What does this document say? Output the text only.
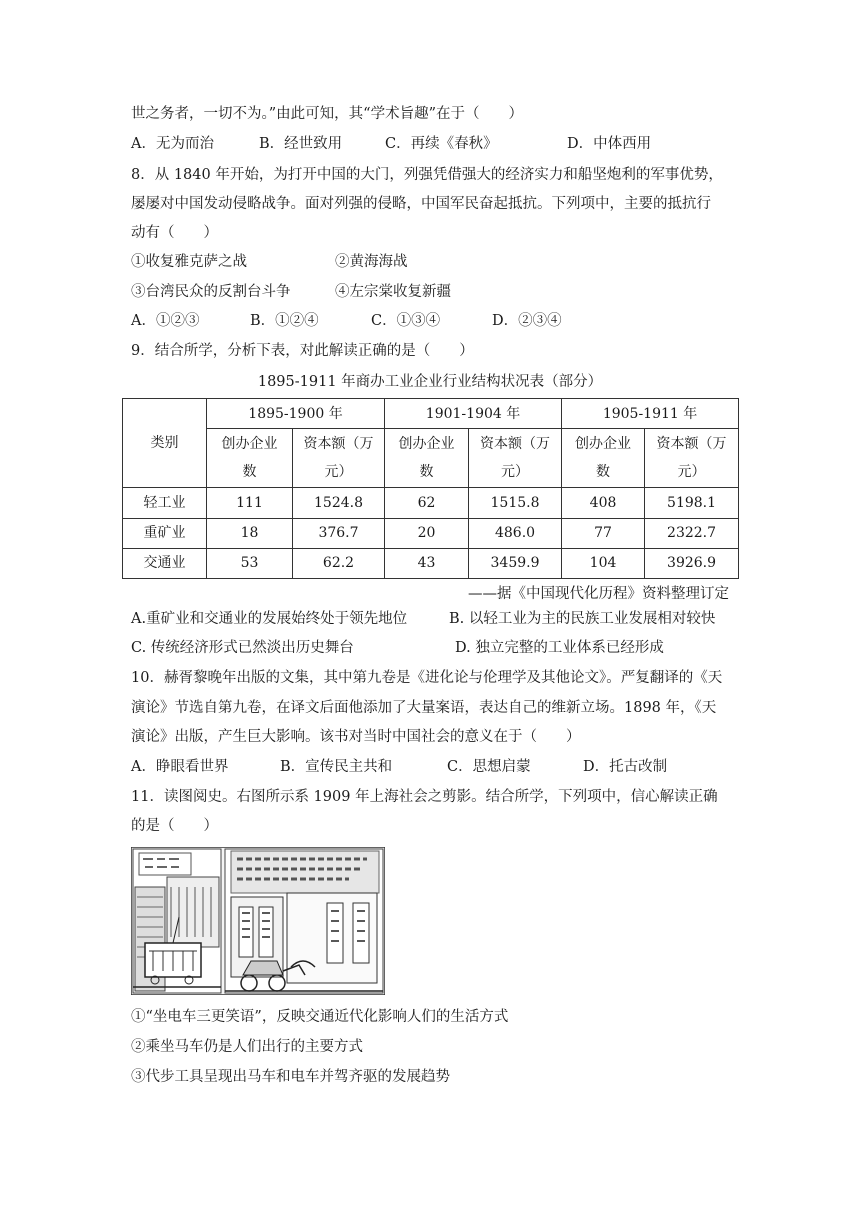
世之务者，一切不为。”由此可知，其“学术旨趣”在于（　　）
A．无为而治	B．经世致用	C．再续《春秋》	D．中体西用
8．从 1840 年开始，为打开中国的大门，列强凭借强大的经济实力和船坚炮利的军事优势，
屡屡对中国发动侵略战争。面对列强的侵略，中国军民奋起抵抗。下列项中，主要的抵抗行
动有（　　）
①收复雅克萨之战	②黄海海战
③台湾民众的反割台斗争	④左宗棠收复新疆
A．①②③	B．①②④	C．①③④	D．②③④
9．结合所学，分析下表，对此解读正确的是（　　）
1895-1911 年商办工业企业行业结构状况表（部分）
类别	1895-1900 年		1901-1904 年		1905-1911 年	
	创办企业
数	资本额（万
元）	创办企业
数	资本额（万
元）	创办企业
数	资本额（万
元）
轻工业	111	1524.8	62	1515.8	408	5198.1
重矿业	18	376.7	20	486.0	77	2322.7
交通业	53	62.2	43	3459.9	104	3926.9
——据《中国现代化历程》资料整理订定
A.重矿业和交通业的发展始终处于领先地位	B. 以轻工业为主的民族工业发展相对较快
C. 传统经济形式已然淡出历史舞台	D. 独立完整的工业体系已经形成
10．赫胥黎晚年出版的文集，其中第九卷是《进化论与伦理学及其他论文》。严复翻译的《天
演论》节选自第九卷，在译文后面他添加了大量案语，表达自己的维新立场。1898 年，《天
演论》出版，产生巨大影响。该书对当时中国社会的意义在于（　　）
A．睁眼看世界	B．宣传民主共和	C．思想启蒙	D．托古改制
11．读图阅史。右图所示系 1909 年上海社会之剪影。结合所学，下列项中，信心解读正确
的是（　　）
①“坐电车三更笑语”，反映交通近代化影响人们的生活方式
②乘坐马车仍是人们出行的主要方式
③代步工具呈现出马车和电车并驾齐驱的发展趋势
